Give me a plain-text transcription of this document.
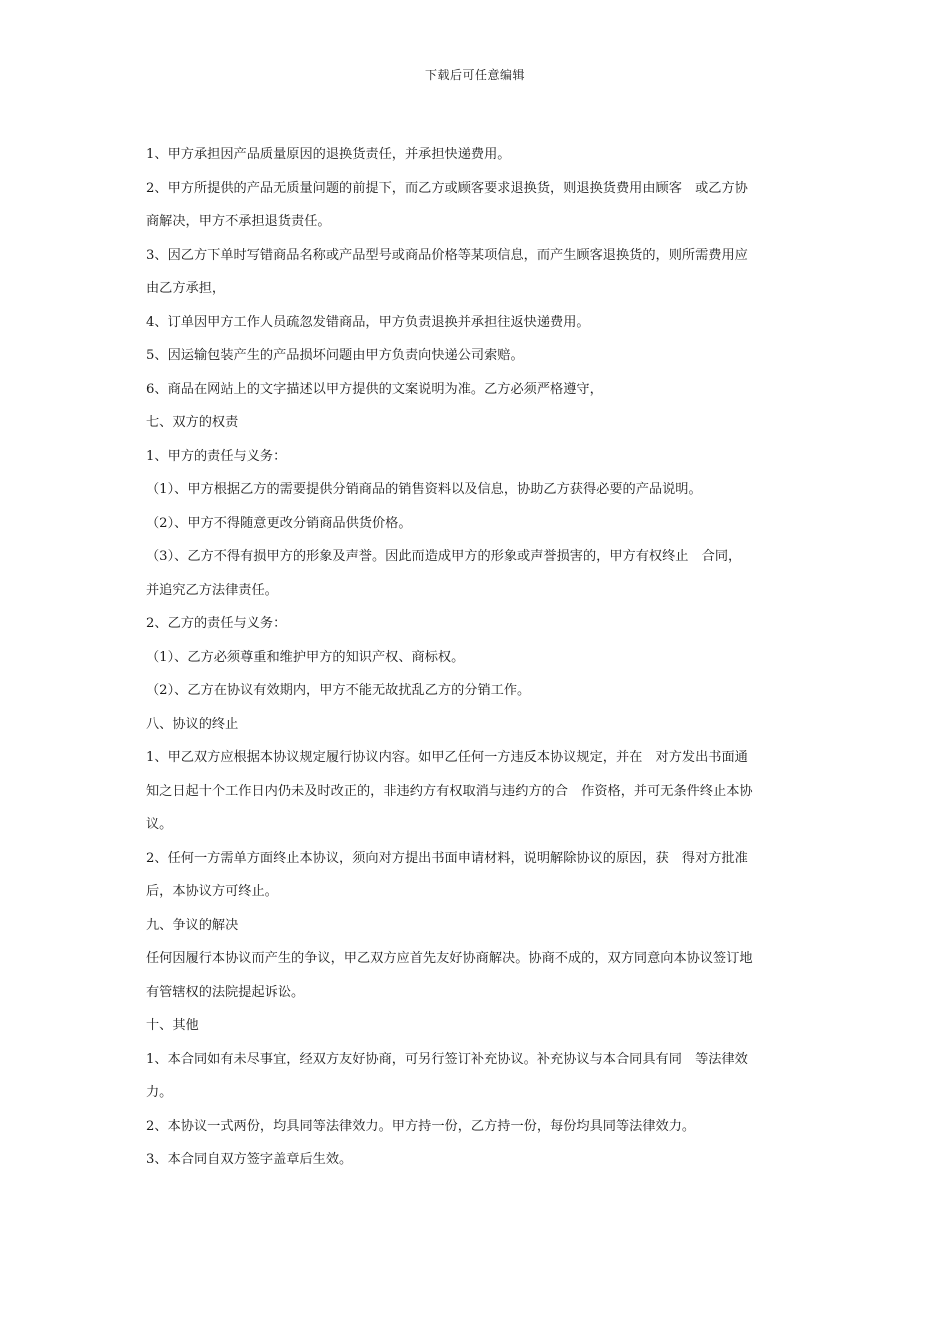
下载后可任意编辑
1、甲方承担因产品质量原因的退换货责任，并承担快递费用。
2、甲方所提供的产品无质量问题的前提下，而乙方或顾客要求退换货，则退换货费用由顾客　或乙方协
商解决，甲方不承担退货责任。
3、因乙方下单时写错商品名称或产品型号或商品价格等某项信息，而产生顾客退换货的，则所需费用应
由乙方承担，
4、订单因甲方工作人员疏忽发错商品，甲方负责退换并承担往返快递费用。
5、因运输包装产生的产品损坏问题由甲方负责向快递公司索赔。
6、商品在网站上的文字描述以甲方提供的文案说明为准。乙方必须严格遵守，
七、双方的权责
1、甲方的责任与义务：
（1）、甲方根据乙方的需要提供分销商品的销售资料以及信息，协助乙方获得必要的产品说明。
（2）、甲方不得随意更改分销商品供货价格。
（3）、乙方不得有损甲方的形象及声誉。因此而造成甲方的形象或声誉损害的，甲方有权终止　合同，
并追究乙方法律责任。
2、乙方的责任与义务：
（1）、乙方必须尊重和维护甲方的知识产权、商标权。
（2）、乙方在协议有效期内，甲方不能无故扰乱乙方的分销工作。
八、协议的终止
1、甲乙双方应根据本协议规定履行协议内容。如甲乙任何一方违反本协议规定，并在　对方发出书面通
知之日起十个工作日内仍未及时改正的，非违约方有权取消与违约方的合　作资格，并可无条件终止本协
议。
2、任何一方需单方面终止本协议，须向对方提出书面申请材料，说明解除协议的原因，获　得对方批准
后，本协议方可终止。
九、争议的解决
任何因履行本协议而产生的争议，甲乙双方应首先友好协商解决。协商不成的，双方同意向本协议签订地
有管辖权的法院提起诉讼。
十、其他
1、本合同如有未尽事宜，经双方友好协商，可另行签订补充协议。补充协议与本合同具有同　等法律效
力。
2、本协议一式两份，均具同等法律效力。甲方持一份，乙方持一份，每份均具同等法律效力。
3、本合同自双方签字盖章后生效。
